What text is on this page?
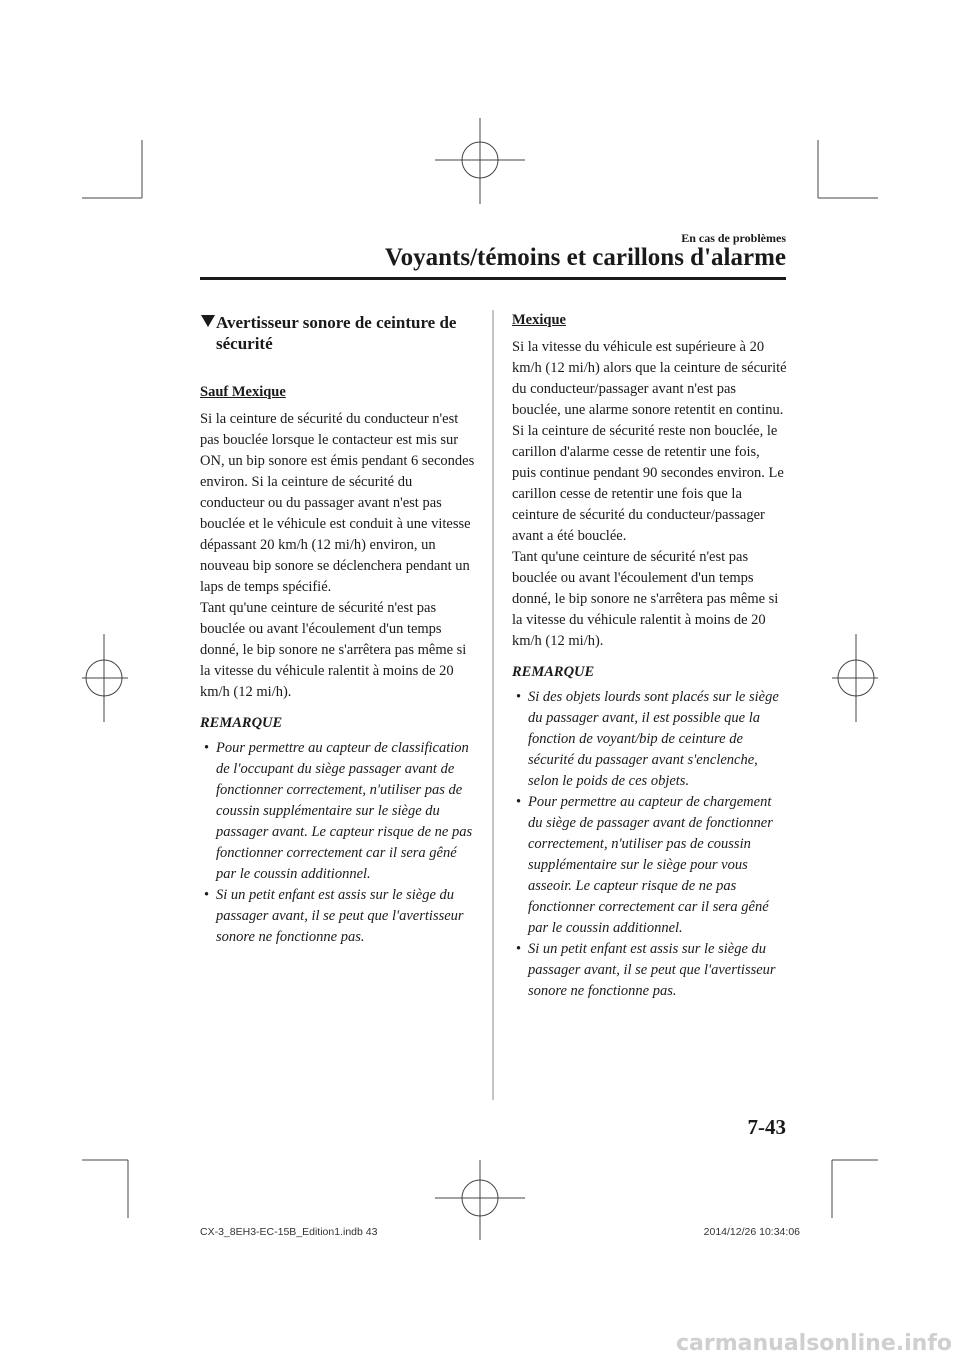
En cas de problèmes
Voyants/témoins et carillons d'alarme
Avertisseur sonore de ceinture de sécurité
Sauf Mexique

Si la ceinture de sécurité du conducteur n'est pas bouclée lorsque le contacteur est mis sur ON, un bip sonore est émis pendant 6 secondes environ. Si la ceinture de sécurité du conducteur ou du passager avant n'est pas bouclée et le véhicule est conduit à une vitesse dépassant 20 km/h (12 mi/h) environ, un nouveau bip sonore se déclenchera pendant un laps de temps spécifié.

Tant qu'une ceinture de sécurité n'est pas bouclée ou avant l'écoulement d'un temps donné, le bip sonore ne s'arrêtera pas même si la vitesse du véhicule ralentit à moins de 20 km/h (12 mi/h).

REMARQUE
• Pour permettre au capteur de classification de l'occupant du siège passager avant de fonctionner correctement, n'utiliser pas de coussin supplémentaire sur le siège du passager avant. Le capteur risque de ne pas fonctionner correctement car il sera gêné par le coussin additionnel.
• Si un petit enfant est assis sur le siège du passager avant, il se peut que l'avertisseur sonore ne fonctionne pas.
Mexique

Si la vitesse du véhicule est supérieure à 20 km/h (12 mi/h) alors que la ceinture de sécurité du conducteur/passager avant n'est pas bouclée, une alarme sonore retentit en continu. Si la ceinture de sécurité reste non bouclée, le carillon d'alarme cesse de retentir une fois, puis continue pendant 90 secondes environ. Le carillon cesse de retentir une fois que la ceinture de sécurité du conducteur/passager avant a été bouclée.

Tant qu'une ceinture de sécurité n'est pas bouclée ou avant l'écoulement d'un temps donné, le bip sonore ne s'arrêtera pas même si la vitesse du véhicule ralentit à moins de 20 km/h (12 mi/h).

REMARQUE
• Si des objets lourds sont placés sur le siège du passager avant, il est possible que la fonction de voyant/bip de ceinture de sécurité du passager avant s'enclenche, selon le poids de ces objets.
• Pour permettre au capteur de chargement du siège de passager avant de fonctionner correctement, n'utiliser pas de coussin supplémentaire sur le siège pour vous asseoir. Le capteur risque de ne pas fonctionner correctement car il sera gêné par le coussin additionnel.
• Si un petit enfant est assis sur le siège du passager avant, il se peut que l'avertisseur sonore ne fonctionne pas.
7-43
CX-3_8EH3-EC-15B_Edition1.indb 43	2014/12/26 10:34:06
carmanualsonline.info
